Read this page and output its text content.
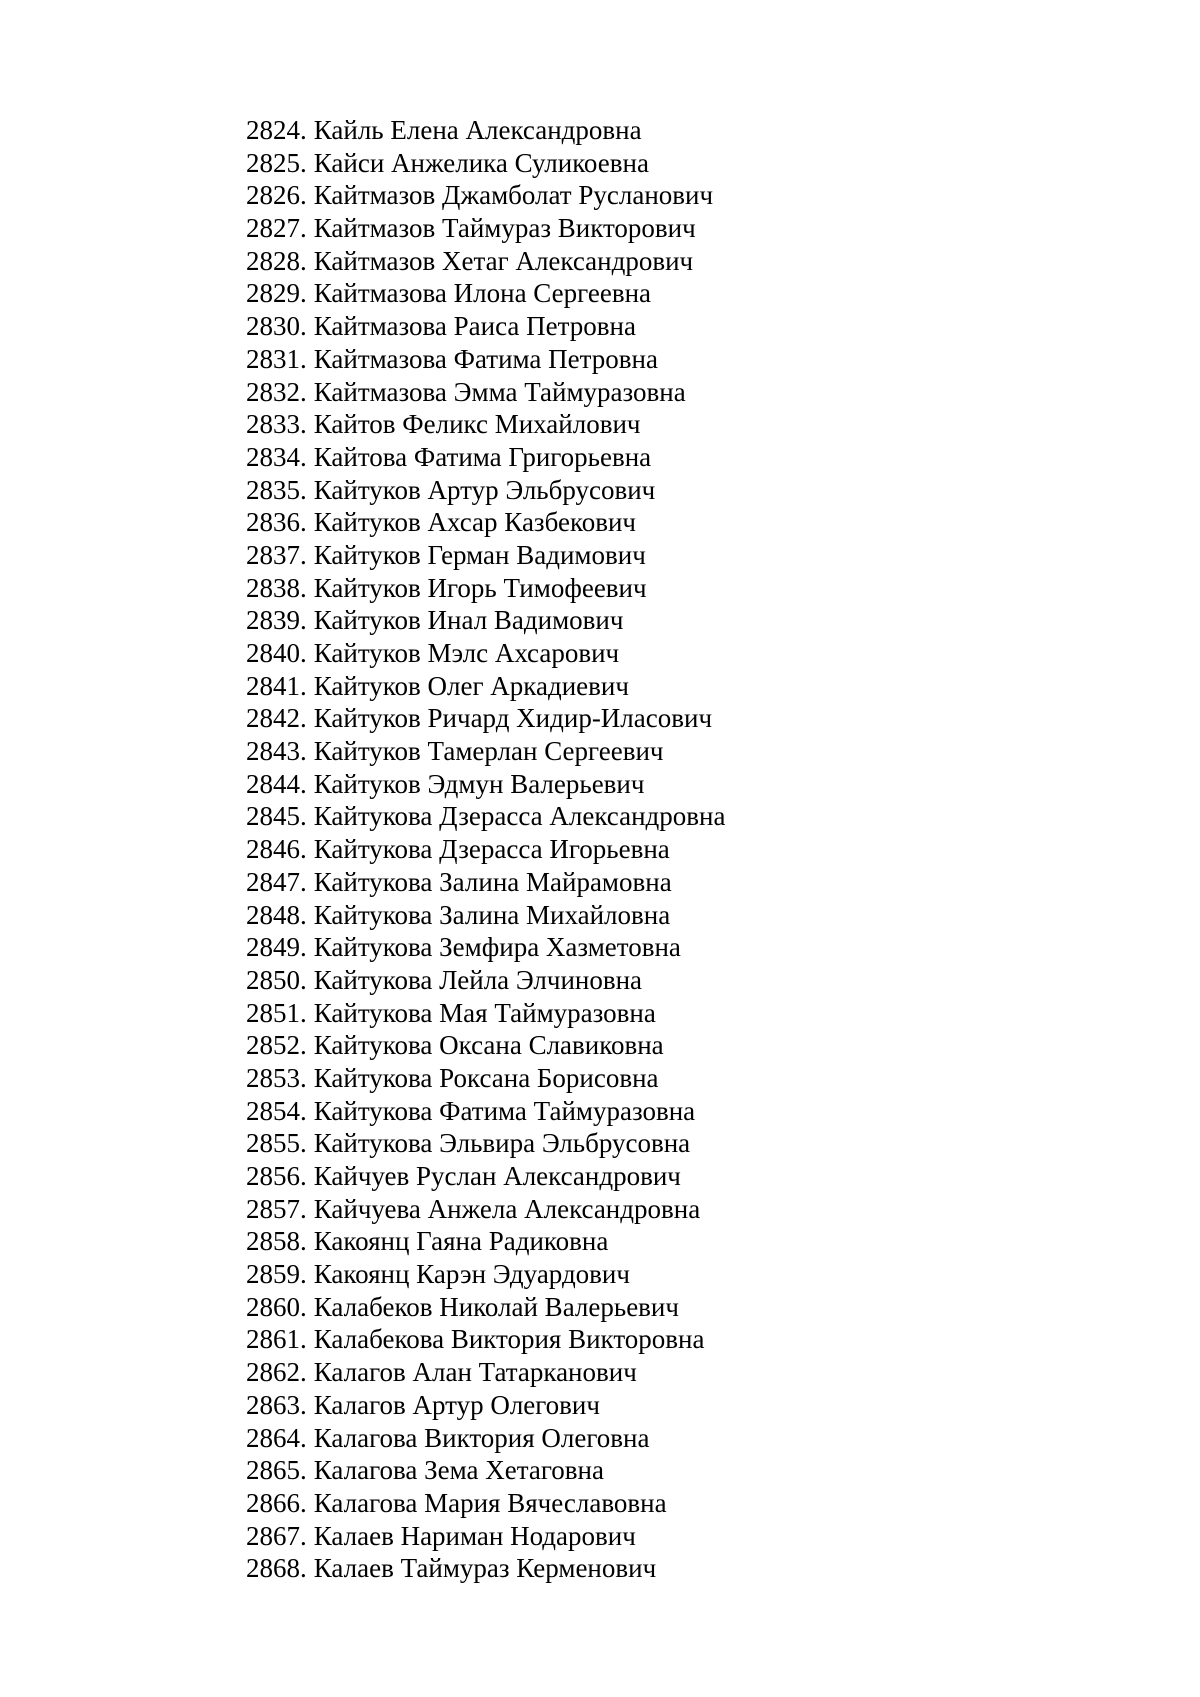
2824. Кайль Елена Александровна
2825. Кайси Анжелика Суликоевна
2826. Кайтмазов Джамболат Русланович
2827. Кайтмазов Таймураз Викторович
2828. Кайтмазов Хетаг Александрович
2829. Кайтмазова Илона Сергеевна
2830. Кайтмазова Раиса Петровна
2831. Кайтмазова Фатима Петровна
2832. Кайтмазова Эмма Таймуразовна
2833. Кайтов Феликс Михайлович
2834. Кайтова Фатима Григорьевна
2835. Кайтуков Артур Эльбрусович
2836. Кайтуков Ахсар Казбекович
2837. Кайтуков Герман Вадимович
2838. Кайтуков Игорь Тимофеевич
2839. Кайтуков Инал Вадимович
2840. Кайтуков Мэлс Ахсарович
2841. Кайтуков Олег Аркадиевич
2842. Кайтуков Ричард Хидир-Иласович
2843. Кайтуков Тамерлан Сергеевич
2844. Кайтуков Эдмун Валерьевич
2845. Кайтукова Дзерасса Александровна
2846. Кайтукова Дзерасса Игорьевна
2847. Кайтукова Залина Майрамовна
2848. Кайтукова Залина Михайловна
2849. Кайтукова Земфира Хазметовна
2850. Кайтукова Лейла Элчиновна
2851. Кайтукова Мая Таймуразовна
2852. Кайтукова Оксана Славиковна
2853. Кайтукова Роксана Борисовна
2854. Кайтукова Фатима Таймуразовна
2855. Кайтукова Эльвира Эльбрусовна
2856. Кайчуев Руслан Александрович
2857. Кайчуева Анжела Александровна
2858. Какоянц Гаяна Радиковна
2859. Какоянц Карэн Эдуардович
2860. Калабеков Николай Валерьевич
2861. Калабекова Виктория Викторовна
2862. Калагов Алан Татарканович
2863. Калагов Артур Олегович
2864. Калагова Виктория Олеговна
2865. Калагова Зема Хетаговна
2866. Калагова Мария Вячеславовна
2867. Калаев Нариман Нодарович
2868. Калаев Таймураз Керменович
